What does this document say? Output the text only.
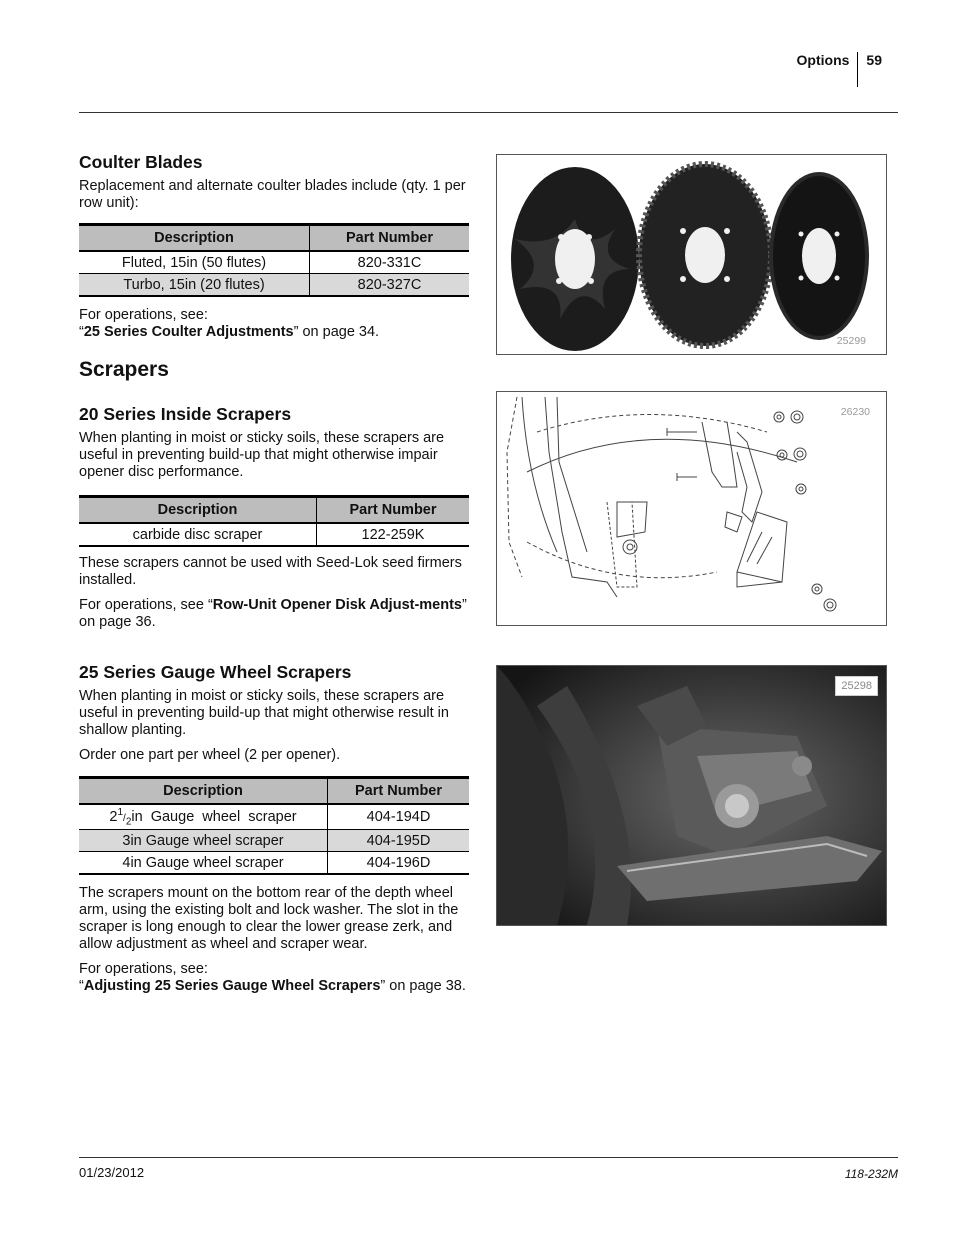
Options	59
Coulter Blades

Replacement and alternate coulter blades include (qty. 1 per row unit):

Description	Part Number
Fluted, 15in (50 flutes)	820-331C
Turbo, 15in (20 flutes)	820-327C

For operations, see:

“25 Series Coulter Adjustments” on page 34.

25299
Scrapers
20 Series Inside Scrapers

When planting in moist or sticky soils, these scrapers are useful in preventing build-up that might otherwise impair opener disc performance.

Description	Part Number
carbide disc scraper	122-259K

These scrapers cannot be used with Seed-Lok seed firmers installed.

For operations, see “Row-Unit Opener Disk Adjust-ments” on page 36.

26230
25 Series Gauge Wheel Scrapers

When planting in moist or sticky soils, these scrapers are useful in preventing build-up that might otherwise result in shallow planting.

Order one part per wheel (2 per opener).

Description	Part Number
$2^1/_2in$  Gauge  wheel  scraper	404-194D
3in Gauge wheel scraper	404-195D
4in Gauge wheel scraper	404-196D

The scrapers mount on the bottom rear of the depth wheel arm, using the existing bolt and lock washer. The slot in the scraper is long enough to clear the lower grease zerk, and allow adjustment as wheel and scraper wear.

For operations, see:

“Adjusting 25 Series Gauge Wheel Scrapers” on page 38.

25298
01/23/2012	118-232M
